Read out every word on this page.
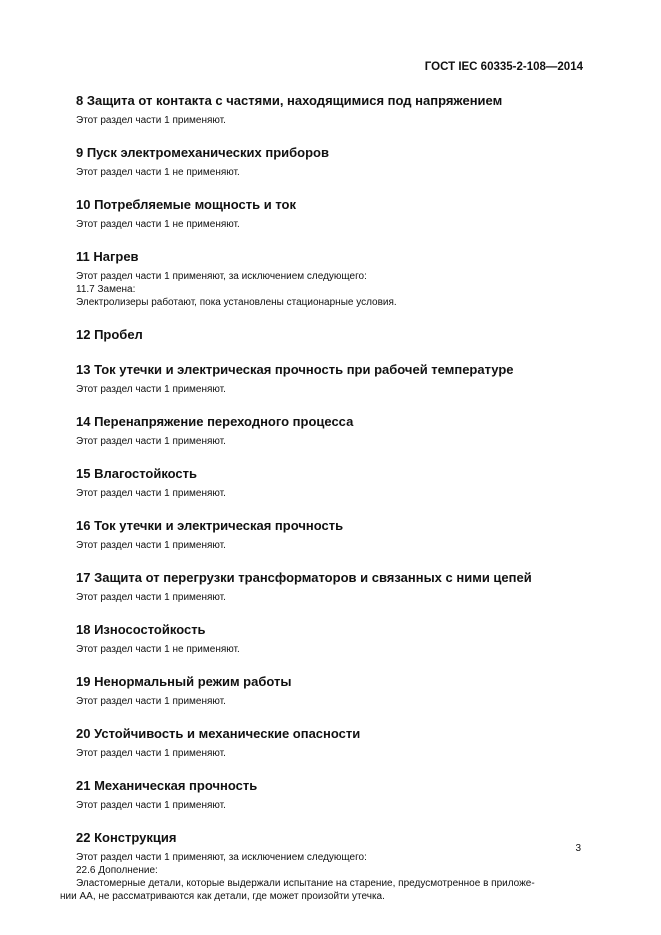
ГОСТ IEC 60335-2-108—2014
8 Защита от контакта с частями, находящимися под напряжением
Этот раздел части 1 применяют.
9 Пуск электромеханических приборов
Этот раздел части 1 не применяют.
10 Потребляемые мощность и ток
Этот раздел части 1 не применяют.
11 Нагрев
Этот раздел части 1 применяют, за исключением следующего:
11.7 Замена:
Электролизеры работают, пока установлены стационарные условия.
12 Пробел
13 Ток утечки и электрическая прочность при рабочей температуре
Этот раздел части 1 применяют.
14 Перенапряжение переходного процесса
Этот раздел части 1 применяют.
15 Влагостойкость
Этот раздел части 1 применяют.
16 Ток утечки и электрическая прочность
Этот раздел части 1 применяют.
17 Защита от перегрузки трансформаторов и связанных с ними цепей
Этот раздел части 1 применяют.
18 Износостойкость
Этот раздел части 1 не применяют.
19 Ненормальный режим работы
Этот раздел части 1 применяют.
20 Устойчивость и механические опасности
Этот раздел части 1 применяют.
21 Механическая прочность
Этот раздел части 1 применяют.
22 Конструкция
Этот раздел части 1 применяют, за исключением следующего:
22.6 Дополнение:
Эластомерные детали, которые выдержали испытание на старение, предусмотренное в приложе-
нии АА, не рассматриваются как детали, где может произойти утечка.
3
